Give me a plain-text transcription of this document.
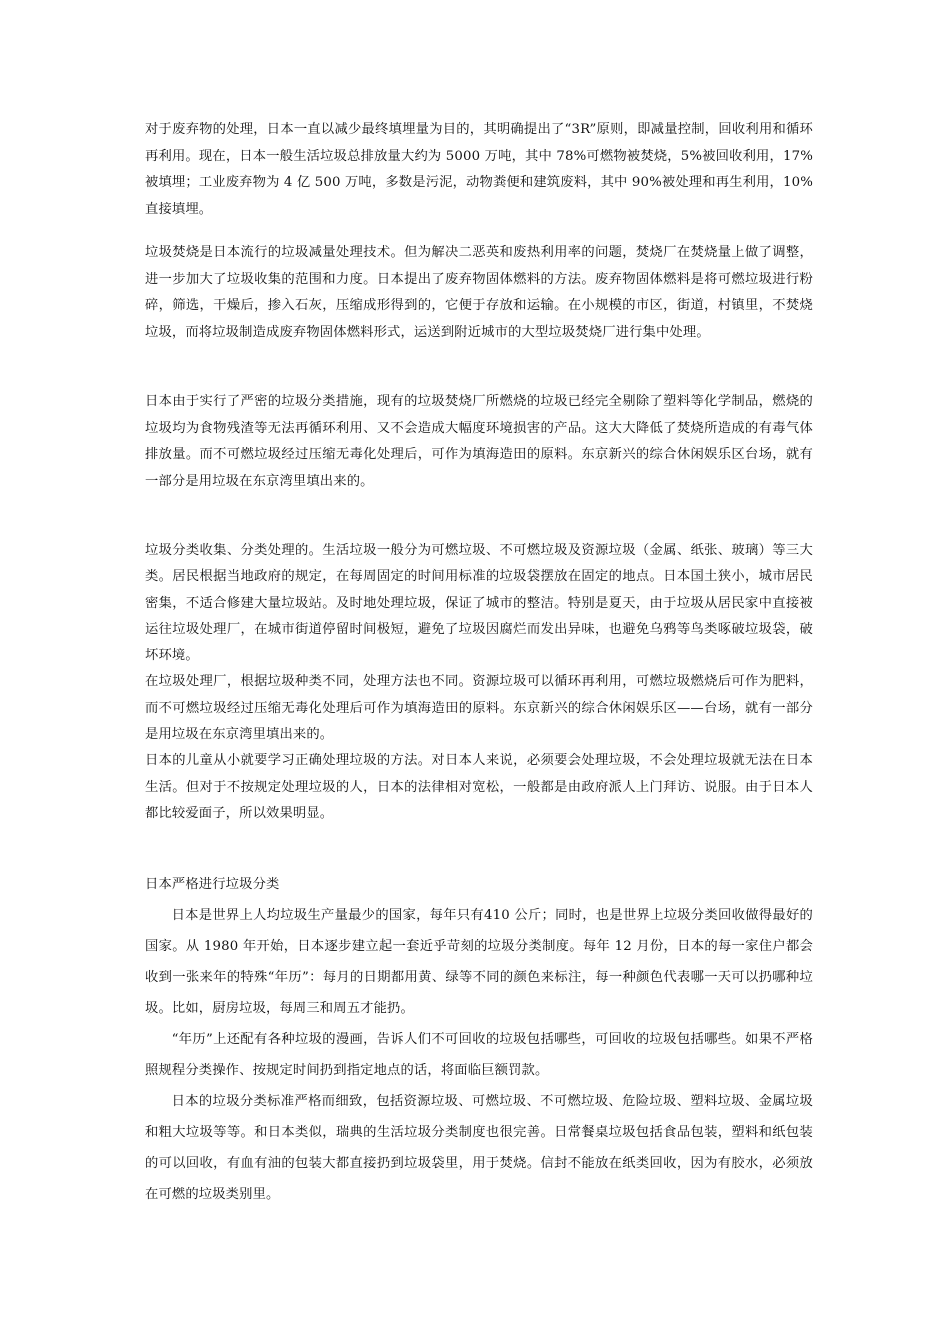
对于废弃物的处理，日本一直以减少最终填埋量为目的，其明确提出了“3R”原则，即减量控制，回收利用和循环再利用。现在，日本一般生活垃圾总排放量大约为 5000 万吨，其中 78%可燃物被焚烧，5%被回收利用，17%被填埋；工业废弃物为 4 亿 500 万吨，多数是污泥，动物粪便和建筑废料，其中 90%被处理和再生利用，10%直接填埋。

垃圾焚烧是日本流行的垃圾减量处理技术。但为解决二恶英和废热利用率的问题，焚烧厂在焚烧量上做了调整，进一步加大了垃圾收集的范围和力度。日本提出了废弃物固体燃料的方法。废弃物固体燃料是将可燃垃圾进行粉碎，筛选，干燥后，掺入石灰，压缩成形得到的，它便于存放和运输。在小规模的市区，街道，村镇里，不焚烧垃圾，而将垃圾制造成废弃物固体燃料形式，运送到附近城市的大型垃圾焚烧厂进行集中处理。

日本由于实行了严密的垃圾分类措施，现有的垃圾焚烧厂所燃烧的垃圾已经完全剔除了塑料等化学制品，燃烧的垃圾均为食物残渣等无法再循环利用、又不会造成大幅度环境损害的产品。这大大降低了焚烧所造成的有毒气体排放量。而不可燃垃圾经过压缩无毒化处理后，可作为填海造田的原料。东京新兴的综合休闲娱乐区台场，就有一部分是用垃圾在东京湾里填出来的。

垃圾分类收集、分类处理的。生活垃圾一般分为可燃垃圾、不可燃垃圾及资源垃圾（金属、纸张、玻璃）等三大类。居民根据当地政府的规定，在每周固定的时间用标准的垃圾袋摆放在固定的地点。日本国土狭小，城市居民密集，不适合修建大量垃圾站。及时地处理垃圾，保证了城市的整洁。特别是夏天，由于垃圾从居民家中直接被运往垃圾处理厂，在城市街道停留时间极短，避免了垃圾因腐烂而发出异味，也避免乌鸦等鸟类啄破垃圾袋，破坏环境。

在垃圾处理厂，根据垃圾种类不同，处理方法也不同。资源垃圾可以循环再利用，可燃垃圾燃烧后可作为肥料，而不可燃垃圾经过压缩无毒化处理后可作为填海造田的原料。东京新兴的综合休闲娱乐区——台场，就有一部分是用垃圾在东京湾里填出来的。

日本的儿童从小就要学习正确处理垃圾的方法。对日本人来说，必须要会处理垃圾，不会处理垃圾就无法在日本生活。但对于不按规定处理垃圾的人，日本的法律相对宽松，一般都是由政府派人上门拜访、说服。由于日本人都比较爱面子，所以效果明显。

日本严格进行垃圾分类

日本是世界上人均垃圾生产量最少的国家，每年只有410 公斤；同时，也是世界上垃圾分类回收做得最好的国家。从 1980 年开始，日本逐步建立起一套近乎苛刻的垃圾分类制度。每年 12 月份，日本的每一家住户都会收到一张来年的特殊“年历”：每月的日期都用黄、绿等不同的颜色来标注，每一种颜色代表哪一天可以扔哪种垃圾。比如，厨房垃圾，每周三和周五才能扔。

“年历”上还配有各种垃圾的漫画，告诉人们不可回收的垃圾包括哪些，可回收的垃圾包括哪些。如果不严格照规程分类操作、按规定时间扔到指定地点的话，将面临巨额罚款。

日本的垃圾分类标准严格而细致，包括资源垃圾、可燃垃圾、不可燃垃圾、危险垃圾、塑料垃圾、金属垃圾和粗大垃圾等等。和日本类似，瑞典的生活垃圾分类制度也很完善。日常餐桌垃圾包括食品包装，塑料和纸包装的可以回收，有血有油的包装大都直接扔到垃圾袋里，用于焚烧。信封不能放在纸类回收，因为有胶水，必须放在可燃的垃圾类别里。
